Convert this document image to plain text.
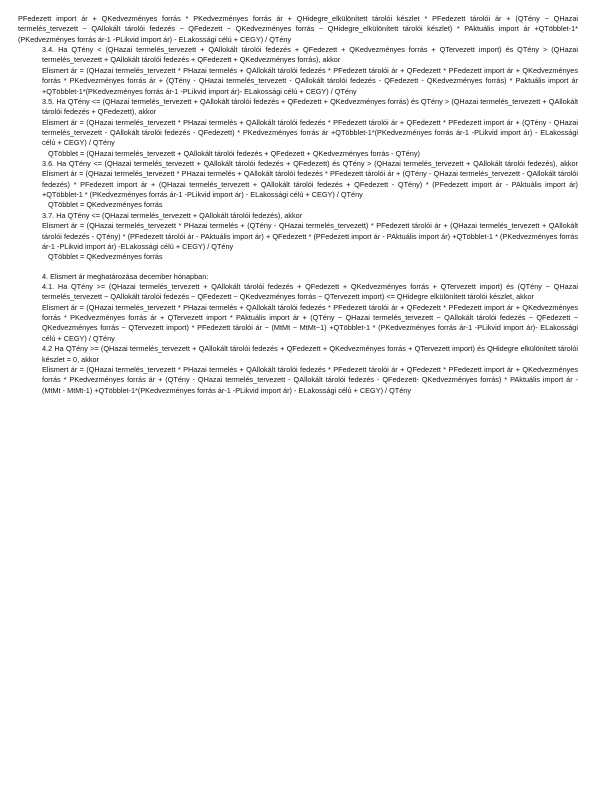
PFedezett import ár + QKedvezményes forrás * PKedvezményes forrás ár + QHidegre_elkülönített tárolói készlet * PFedezett tárolói ár + (QTény − QHazai termelés_tervezett − QAllokált tárolói fedezés − QFedezett − QKedvezményes forrás − QHidegre_elkülönített tárolói készlet) * PAktuális import ár +QTöbblet-1*(PKedvezményes forrás ár-1 -PLikvid import ár) - ELakossági célú + CEGY) / QTény

3.4. Ha QTény < (QHazai termelés_tervezett + QAllokált tárolói fedezés + QFedezett + QKedvezményes forrás + QTervezett import) és QTény > (QHazai termelés_tervezett + QAllokált tárolói fedezés + QFedezett + QKedvezményes forrás), akkor

Elismert ár = (QHazai termelés_tervezett * PHazai termelés + QAllokált tárolói fedezés * PFedezett tárolói ár + QFedezett * PFedezett import ár + QKedvezményes forrás * PKedvezményes forrás ár + (QTény - QHazai termelés_tervezett - QAllokált tárolói fedezés - QFedezett - QKedvezményes forrás) * Paktuális import ár +QTöbblet-1*(PKedvezményes forrás ár-1 -PLikvid import ár)- ELakossági célú + CEGY) / QTény

3.5. Ha QTény <= (QHazai termelés_tervezett + QAllokált tárolói fedezés + QFedezett + QKedvezményes forrás) és QTény > (QHazai termelés_tervezett + QAllokált tárolói fedezés + QFedezett), akkor

Elismert ár = (QHazai termelés_tervezett * PHazai termelés + QAllokált tárolói fedezés * PFedezett tárolói ár + QFedezett * PFedezett import ár + (QTény - QHazai termelés_tervezett - QAllokált tárolói fedezés - QFedezett) * PKedvezményes forrás ár +QTöbblet-1*(PKedvezményes forrás ár-1 -PLikvid import ár) - ELakossági célú + CEGY) / QTény

QTöbblet = (QHazai termelés_tervezett + QAllokált tárolói fedezés + QFedezett + QKedvezményes forrás - QTény)

3.6. Ha QTény <= (QHazai termelés_tervezett + QAllokált tárolói fedezés + QFedezett) és QTény > (QHazai termelés_tervezett + QAllokált tárolói fedezés), akkor Elismert ár = (QHazai termelés_tervezett * PHazai termelés + QAllokált tárolói fedezés * PFedezett tárolói ár + (QTény - QHazai termelés_tervezett - QAllokált tárolói fedezés) * PFedezett import ár + (QHazai termelés_tervezett + QAllokált tárolói fedezés + QFedezett - QTény) * (PFedezett import ár - PAktuális import ár) +QTöbblet-1 * (PKedvezményes forrás ár-1 -PLikvid import ár) - ELakossági célú + CEGY) / QTény

QTöbblet = QKedvezményes forrás

3.7. Ha QTény <= (QHazai termelés_tervezett + QAllokált tárolói fedezés), akkor

Elismert ár = (QHazai termelés_tervezett * PHazai termelés + (QTény - QHazai termelés_tervezett) * PFedezett tárolói ár + (QHazai termelés_tervezett + QAllokált tárolói fedezés - QTény) * (PFedezett tárolói ár - PAktuális import ár) + QFedezett * (PFedezett import ár - PAktuális import ár) +QTöbblet-1 * (PKedvezményes forrás ár-1 -PLikvid import ár) -ELakossági célú + CEGY) / QTény

QTöbblet = QKedvezményes forrás

4. Elismert ár meghatározása december hónapban:

4.1. Ha QTény >= (QHazai termelés_tervezett + QAllokált tárolói fedezés + QFedezett + QKedvezményes forrás + QTervezett import) és (QTény − QHazai termelés_tervezett − QAllokált tárolói fedezés − QFedezett − QKedvezményes forrás − QTervezett import) <= QHidegre elkülönített tárolói készlet, akkor

Elismert ár = (QHazai termelés_tervezett * PHazai termelés + QAllokált tárolói fedezés * PFedezett tárolói ár + QFedezett * PFedezett import ár + QKedvezményes forrás * PKedvezményes forrás ár + QTervezett import * PAktuális import ár + (QTény − QHazai termelés_tervezett − QAllokált tárolói fedezés − QFedezett − QKedvezményes forrás − QTervezett import) * PFedezett tárolói ár − (MtMt − MtMt−1) +QTöbblet-1 * (PKedvezményes forrás ár-1 -PLikvid import ár)- ELakossági célú + CEGY) / QTény

4.2 Ha QTény >= (QHazai termelés_tervezett + QAllokált tárolói fedezés + QFedezett + QKedvezményes forrás + QTervezett import) és QHidegre elkülönített tárolói készlet = 0, akkor

Elismert ár = (QHazai termelés_tervezett * PHazai termelés + QAllokált tárolói fedezés * PFedezett tárolói ár + QFedezett * PFedezett import ár + QKedvezményes forrás * PKedvezményes forrás ár + (QTény - QHazai termelés_tervezett - QAllokált tárolói fedezés - QFedezett- QKedvezményes forrás) * PAktuális import ár - (MtMt - MtMt-1) +QTöbblet-1*(PKedvezményes forrás ár-1 -PLikvid import ár) - ELakossági célú + CEGY) / QTény
